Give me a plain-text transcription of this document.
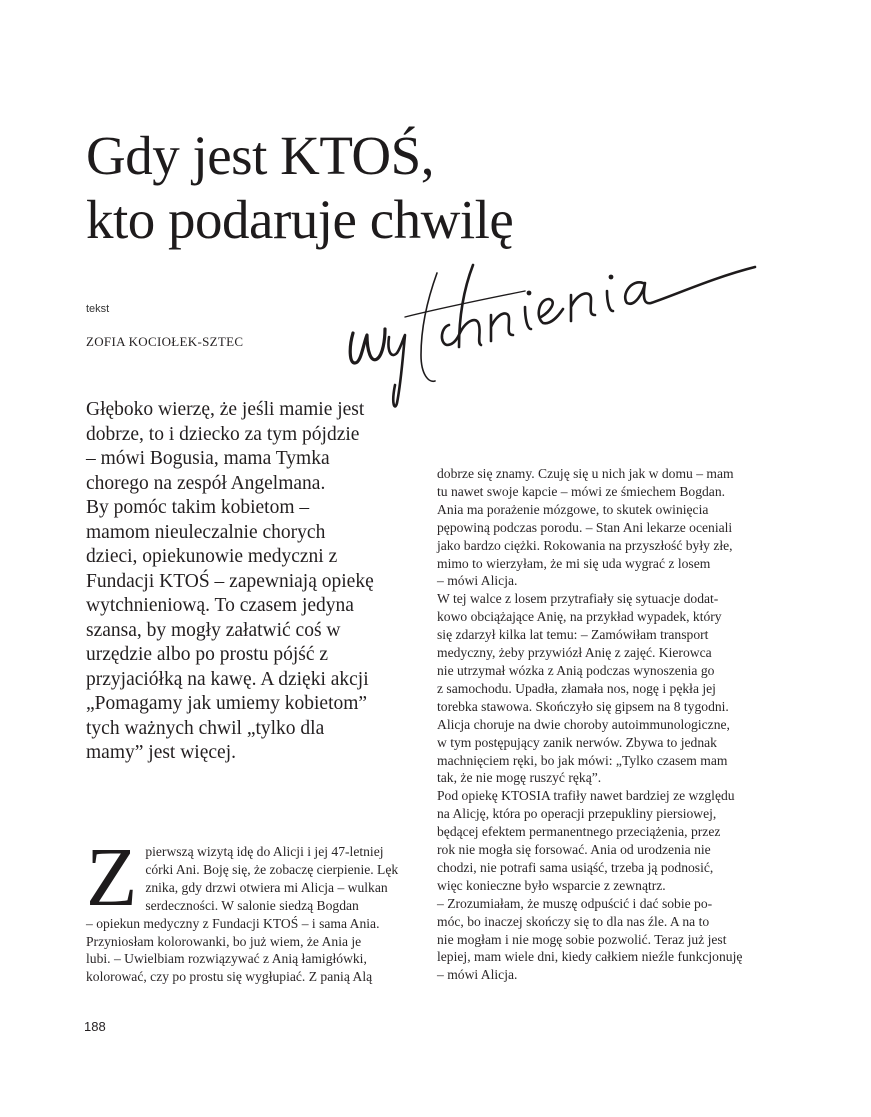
Gdy jest KTOŚ,
kto podaruje chwilę
tekst
ZOFIA KOCIOŁEK-SZTEC
Głęboko wierzę, że jeśli mamie jest
dobrze, to i dziecko za tym pójdzie
– mówi Bogusia, mama Tymka
chorego na zespół Angelmana.
By pomóc takim kobietom –
mamom nieuleczalnie chorych
dzieci, opiekunowie medyczni z
Fundacji KTOŚ – zapewniają opiekę
wytchnieniową. To czasem jedyna
szansa, by mogły załatwić coś w
urzędzie albo po prostu pójść z
przyjaciółką na kawę. A dzięki akcji
„Pomagamy jak umiemy kobietom”
tych ważnych chwil „tylko dla
mamy” jest więcej.
Z pierwszą wizytą idę do Alicji i jej 47-letniej
córki Ani. Boję się, że zobaczę cierpienie. Lęk
znika, gdy drzwi otwiera mi Alicja – wulkan
serdeczności. W salonie siedzą Bogdan
– opiekun medyczny z Fundacji KTOŚ – i sama Ania.
Przyniosłam kolorowanki, bo już wiem, że Ania je
lubi. – Uwielbiam rozwiązywać z Anią łamigłówki,
kolorować, czy po prostu się wygłupiać. Z panią Alą
dobrze się znamy. Czuję się u nich jak w domu – mam
tu nawet swoje kapcie – mówi ze śmiechem Bogdan.
Ania ma porażenie mózgowe, to skutek owinięcia
pępowiną podczas porodu. – Stan Ani lekarze oceniali
jako bardzo ciężki. Rokowania na przyszłość były złe,
mimo to wierzyłam, że mi się uda wygrać z losem
– mówi Alicja.
W tej walce z losem przytrafiały się sytuacje dodat-
kowo obciążające Anię, na przykład wypadek, który
się zdarzył kilka lat temu: – Zamówiłam transport
medyczny, żeby przywiózł Anię z zajęć. Kierowca
nie utrzymał wózka z Anią podczas wynoszenia go
z samochodu. Upadła, złamała nos, nogę i pękła jej
torebka stawowa. Skończyło się gipsem na 8 tygodni.
Alicja choruje na dwie choroby autoimmunologiczne,
w tym postępujący zanik nerwów. Zbywa to jednak
machnięciem ręki, bo jak mówi: „Tylko czasem mam
tak, że nie mogę ruszyć ręką”.
Pod opiekę KTOSIA trafiły nawet bardziej ze względu
na Alicję, która po operacji przepukliny piersiowej,
będącej efektem permanentnego przeciążenia, przez
rok nie mogła się forsować. Ania od urodzenia nie
chodzi, nie potrafi sama usiąść, trzeba ją podnosić,
więc konieczne było wsparcie z zewnątrz.
– Zrozumiałam, że muszę odpuścić i dać sobie po-
móc, bo inaczej skończy się to dla nas źle. A na to
nie mogłam i nie mogę sobie pozwolić. Teraz już jest
lepiej, mam wiele dni, kiedy całkiem nieźle funkcjonuję
– mówi Alicja.
188
